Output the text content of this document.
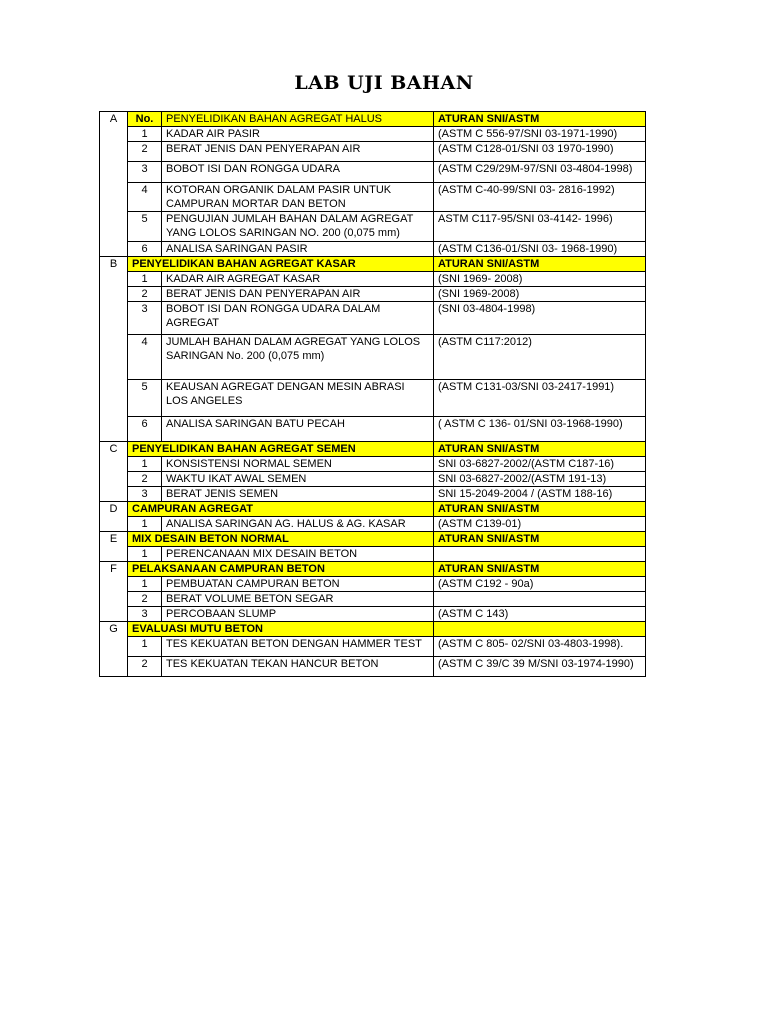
LAB UJI BAHAN
A	No.	PENYELIDIKAN BAHAN AGREGAT HALUS	ATURAN SNI/ASTM
	1	KADAR AIR PASIR	(ASTM C 556-97/SNI 03-1971-1990)
	2	BERAT JENIS DAN PENYERAPAN AIR	(ASTM C128-01/SNI 03 1970-1990)
	3	BOBOT ISI DAN RONGGA UDARA	(ASTM C29/29M-97/SNI 03-4804-1998)
	4	KOTORAN ORGANIK DALAM PASIR UNTUK CAMPURAN MORTAR DAN BETON	(ASTM C-40-99/SNI 03- 2816-1992)
	5	PENGUJIAN JUMLAH BAHAN DALAM AGREGAT YANG LOLOS SARINGAN NO. 200 (0,075 mm)	ASTM C117-95/SNI 03-4142- 1996)
	6	ANALISA SARINGAN PASIR	(ASTM C136-01/SNI 03- 1968-1990)
B	PENYELIDIKAN BAHAN AGREGAT KASAR		ATURAN SNI/ASTM
	1	KADAR AIR AGREGAT KASAR	(SNI 1969- 2008)
	2	BERAT JENIS DAN PENYERAPAN AIR	(SNI 1969-2008)
	3	BOBOT ISI DAN RONGGA UDARA DALAM AGREGAT	(SNI 03-4804-1998)
	4	JUMLAH BAHAN DALAM AGREGAT YANG LOLOS SARINGAN No. 200 (0,075 mm)	(ASTM C117:2012)
	5	KEAUSAN AGREGAT DENGAN MESIN ABRASI LOS ANGELES	(ASTM C131-03/SNI 03-2417-1991)
	6	ANALISA SARINGAN BATU PECAH	( ASTM C 136- 01/SNI 03-1968-1990)
C	PENYELIDIKAN BAHAN AGREGAT SEMEN		ATURAN SNI/ASTM
	1	KONSISTENSI NORMAL SEMEN	SNI 03-6827-2002/(ASTM C187-16)
	2	WAKTU IKAT AWAL SEMEN	SNI 03-6827-2002/(ASTM 191-13)
	3	BERAT JENIS SEMEN	SNI 15-2049-2004 / (ASTM 188-16)
D	CAMPURAN AGREGAT		ATURAN SNI/ASTM
	1	ANALISA SARINGAN AG. HALUS & AG. KASAR	(ASTM C139-01)
E	MIX DESAIN BETON NORMAL		ATURAN SNI/ASTM
	1	PERENCANAAN MIX DESAIN BETON	
F	PELAKSANAAN CAMPURAN BETON		ATURAN SNI/ASTM
	1	PEMBUATAN CAMPURAN BETON	(ASTM C192 - 90a)
	2	BERAT VOLUME BETON SEGAR	
	3	PERCOBAAN SLUMP	(ASTM C 143)
G	EVALUASI MUTU BETON		
	1	TES KEKUATAN BETON DENGAN HAMMER TEST	(ASTM C 805- 02/SNI 03-4803-1998).
	2	TES KEKUATAN TEKAN HANCUR BETON	(ASTM C 39/C 39 M/SNI 03-1974-1990)
